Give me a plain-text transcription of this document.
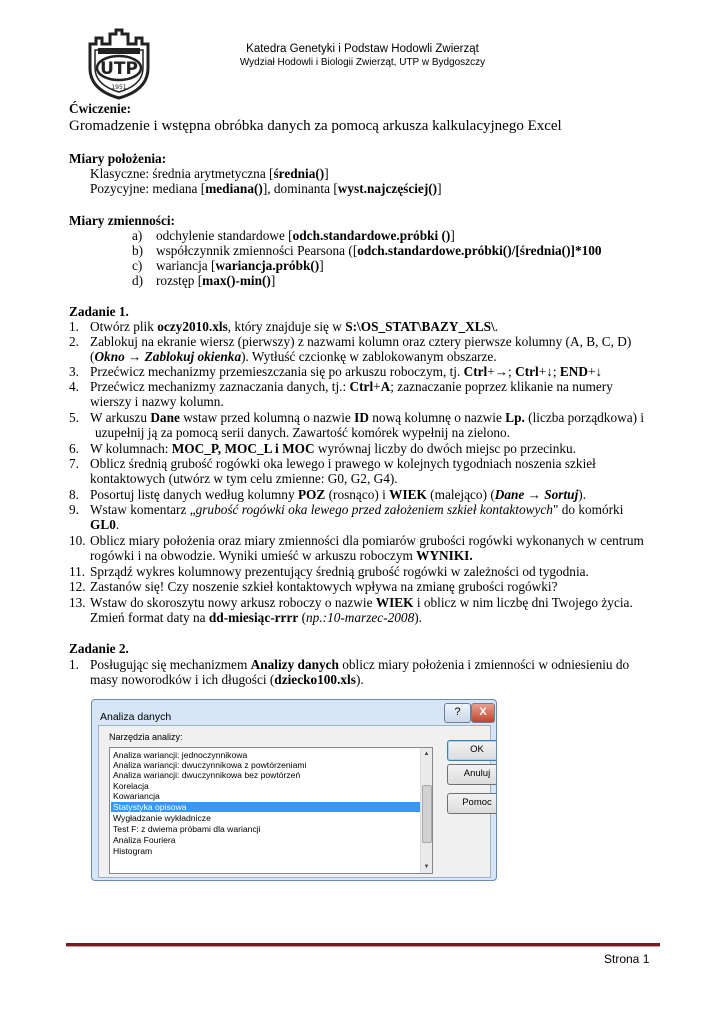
UTP
1951
Katedra Genetyki i Podstaw Hodowli Zwierząt
Wydział Hodowli i Biologii Zwierząt, UTP w Bydgoszczy
Ćwiczenie:
Gromadzenie i wstępna obróbka danych za pomocą arkusza kalkulacyjnego Excel
Miary położenia:
Klasyczne: średnia arytmetyczna [średnia()]
Pozycyjne: mediana [mediana()], dominanta [wyst.najczęściej()]
Miary zmienności:
a) odchylenie standardowe [odch.standardowe.próbki ()]
b) współczynnik zmienności Pearsona ([odch.standardowe.próbki()/[średnia()]*100
c) wariancja [wariancja.próbk()]
d) rozstęp [max()-min()]
Zadanie 1.
1. Otwórz plik oczy2010.xls, który znajduje się w S:\OS_STAT\BAZY_XLS\.
2. Zablokuj na ekranie wiersz (pierwszy) z nazwami kolumn oraz cztery pierwsze kolumny (A, B, C, D)
(Okno → Zablokuj okienka). Wytłuść czcionkę w zablokowanym obszarze.
3. Przećwicz mechanizmy przemieszczania się po arkuszu roboczym, tj. Ctrl+→; Ctrl+↓; END+↓
4. Przećwicz mechanizmy zaznaczania danych, tj.: Ctrl+A; zaznaczanie poprzez klikanie na numery
wierszy i nazwy kolumn.
5. W arkuszu Dane wstaw przed kolumną o nazwie ID nową kolumnę o nazwie Lp. (liczba porządkowa) i
uzupełnij ją za pomocą serii danych. Zawartość komórek wypełnij na zielono.
6. W kolumnach: MOC_P, MOC_L i MOC wyrównaj liczby do dwóch miejsc po przecinku.
7. Oblicz średnią grubość rogówki oka lewego i prawego w kolejnych tygodniach noszenia szkieł
kontaktowych (utwórz w tym celu zmienne: G0, G2, G4).
8. Posortuj listę danych według kolumny POZ (rosnąco) i WIEK (malejąco) (Dane → Sortuj).
9. Wstaw komentarz „grubość rogówki oka lewego przed założeniem szkieł kontaktowych" do komórki
GL0.
10. Oblicz miary położenia oraz miary zmienności dla pomiarów grubości rogówki wykonanych w centrum
rogówki i na obwodzie. Wyniki umieść w arkuszu roboczym WYNIKI.
11. Sprządź wykres kolumnowy prezentujący średnią grubość rogówki w zależności od tygodnia.
12. Zastanów się! Czy noszenie szkieł kontaktowych wpływa na zmianę grubości rogówki?
13. Wstaw do skoroszytu nowy arkusz roboczy o nazwie WIEK i oblicz w nim liczbę dni Twojego życia.
Zmień format daty na dd-miesiąc-rrrr (np.:10-marzec-2008).
Zadanie 2.
1. Posługując się mechanizmem Analizy danych oblicz miary położenia i zmienności w odniesieniu do
masy noworodków i ich długości (dziecko100.xls).
Analiza danych	?	X
Narzędzia analizy:
Analiza wariancji: jednoczynnikowa
Analiza wariancji: dwuczynnikowa z powtórzeniami
Analiza wariancji: dwuczynnikowa bez powtórzeń
Korelacja
Kowariancja
Statystyka opisowa
Wygładzanie wykładnicze
Test F: z dwiema próbami dla wariancji
Analiza Fouriera
Histogram
▲
▼
OK
Anuluj
Pomoc
Strona 1
